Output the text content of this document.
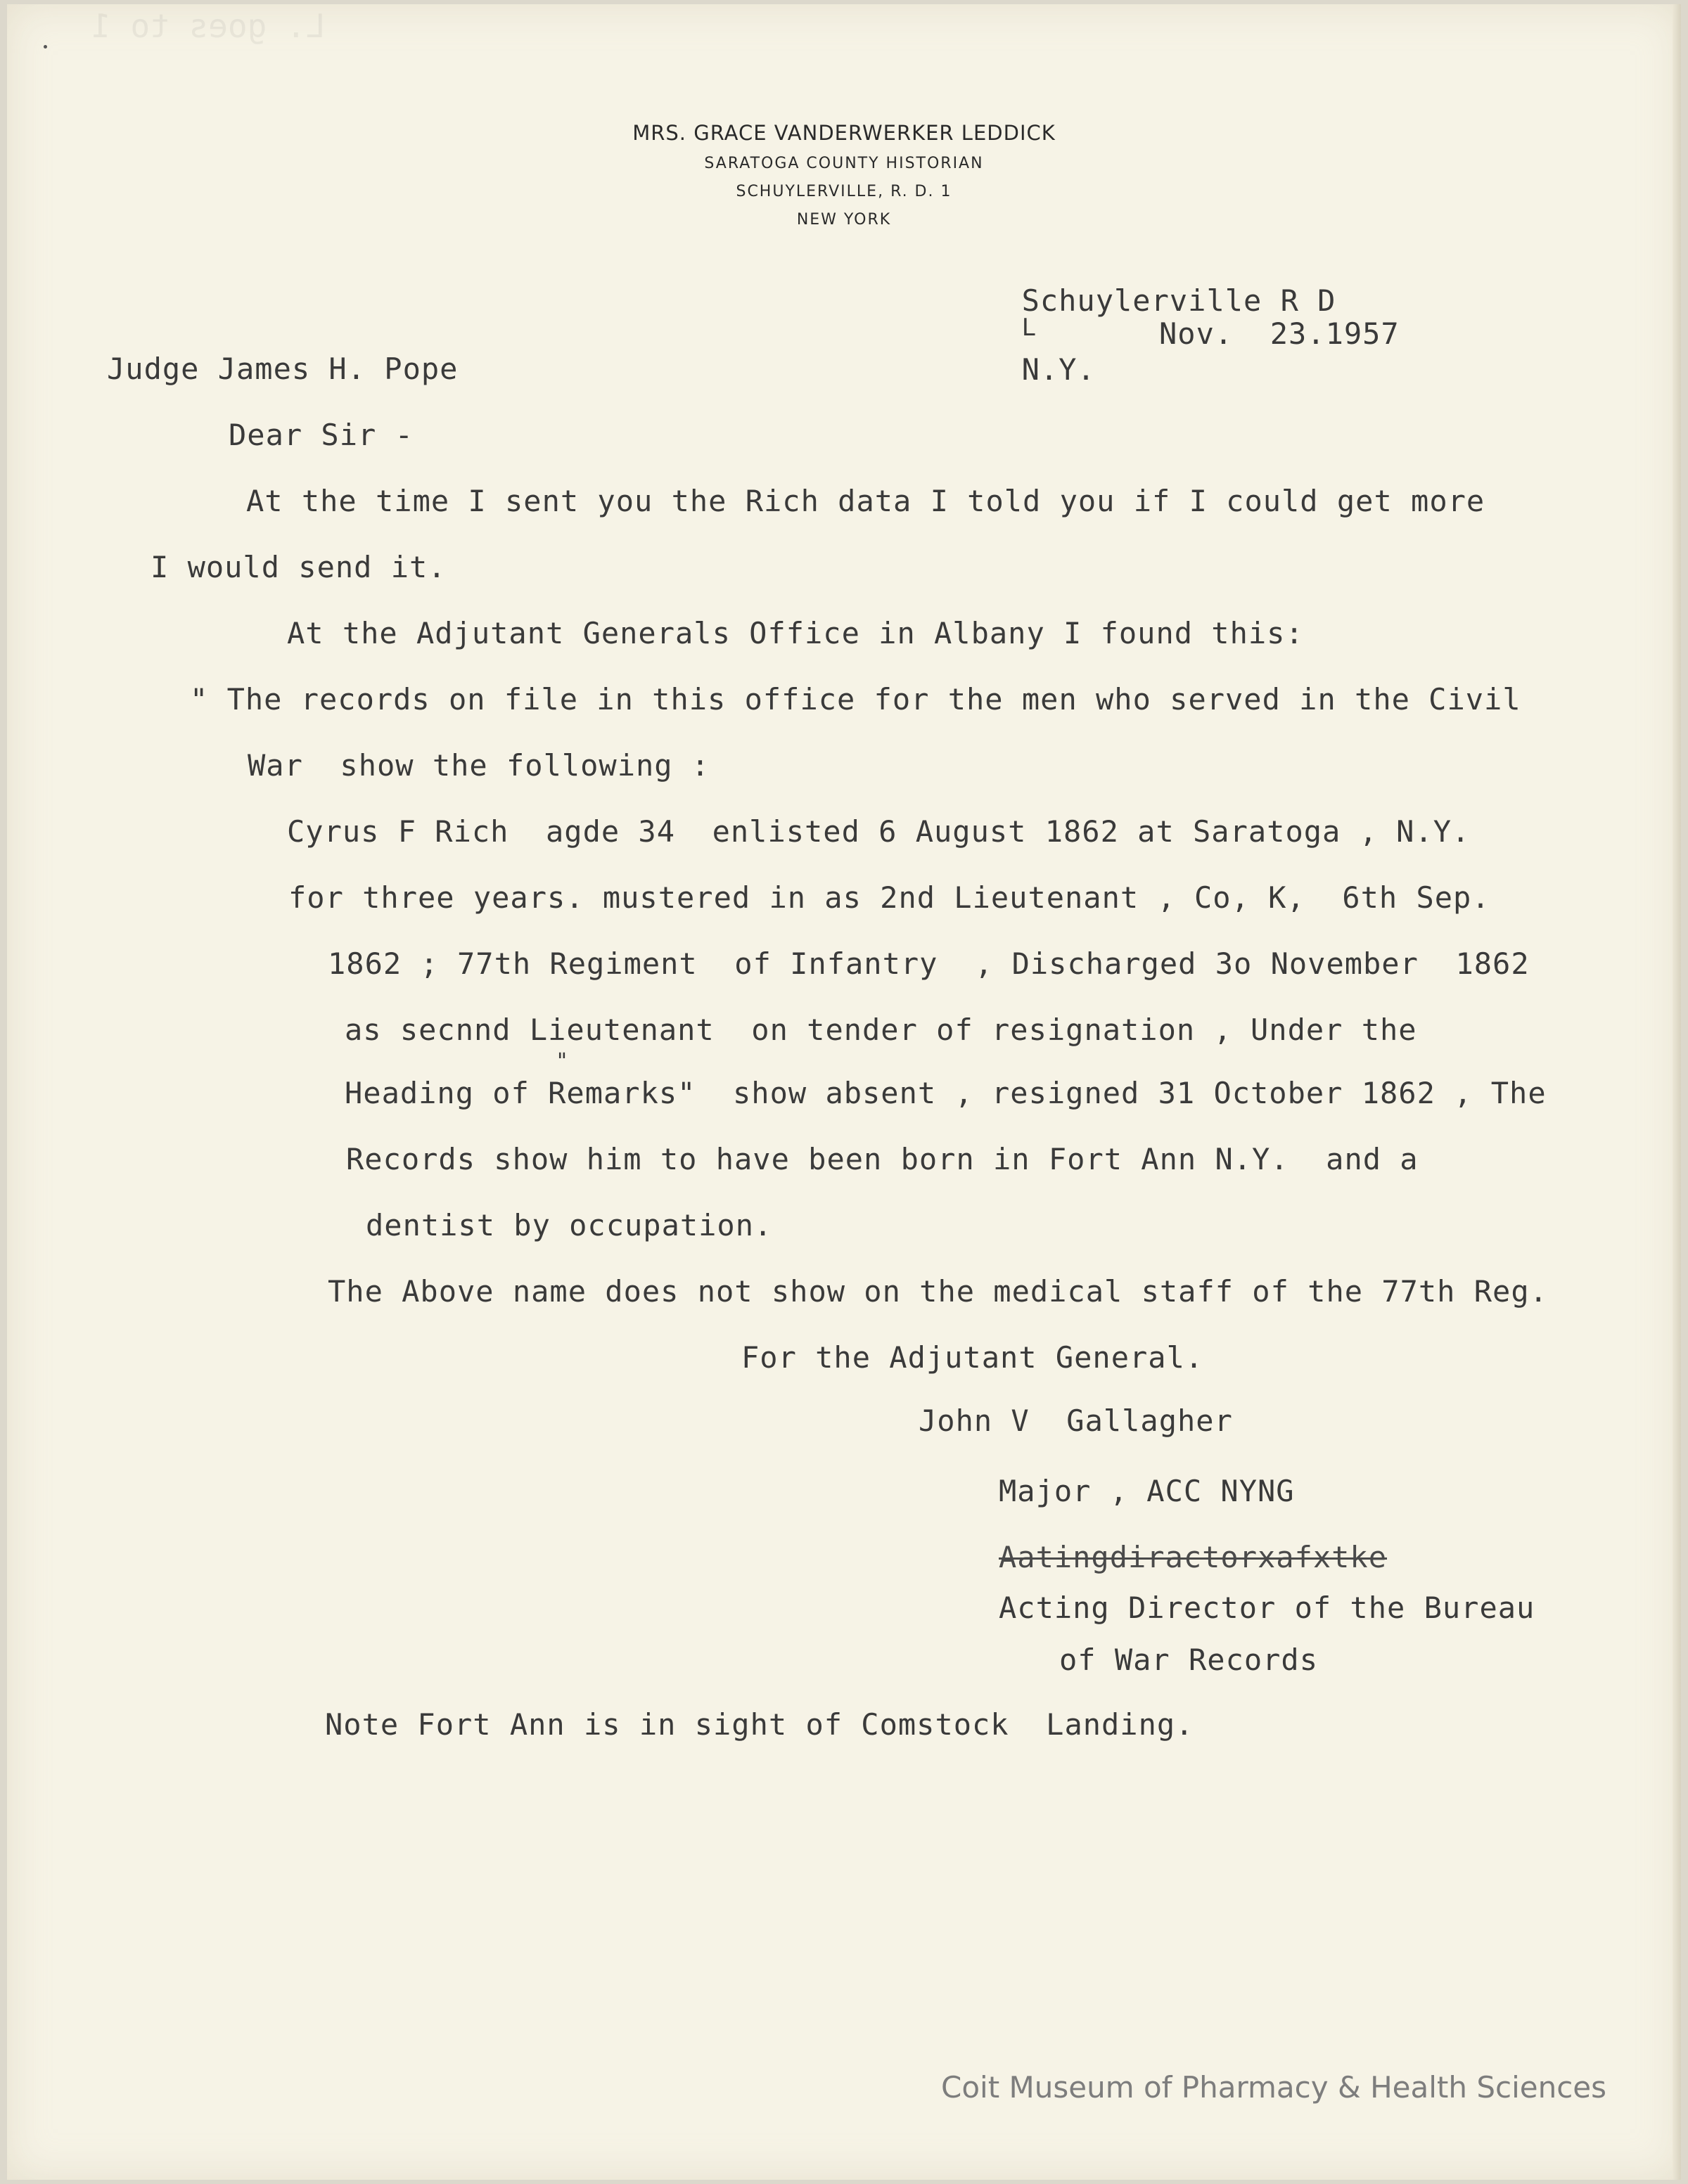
L. goes to 1
MRS. GRACE VANDERWERKER LEDDICK
SARATOGA COUNTY HISTORIAN
SCHUYLERVILLE, R. D. 1
NEW YORK

Schuylerville R D
$^L$
N.Y.

Nov.  23.1957
Judge James H. Pope
Dear Sir -
At the time I sent you the Rich data I told you if I could get more
I would send it.
At the Adjutant Generals Office in Albany I found this:
" The records on file in this office for the men who served in the Civil
War  show the following :
Cyrus F Rich  agde 34  enlisted 6 August 1862 at Saratoga , N.Y.
for three years. mustered in as 2nd Lieutenant , Co, K,  6th Sep.
1862 ; 77th Regiment  of Infantry  , Discharged 3o November  1862
as secnnd Lieutenant  on tender of resignation , Under the
"
Heading of Remarks"  show absent , resigned 31 October 1862 , The
Records show him to have been born in Fort Ann N.Y.  and a
dentist by occupation.
The Above name does not show on the medical staff of the 77th Reg.
For the Adjutant General.
John V  Gallagher
Major , ACC NYNG
Aatingdiractorxafxtke
Acting Director of the Bureau
of War Records
Note Fort Ann is in sight of Comstock  Landing.
Coit Museum of Pharmacy & Health Sciences
